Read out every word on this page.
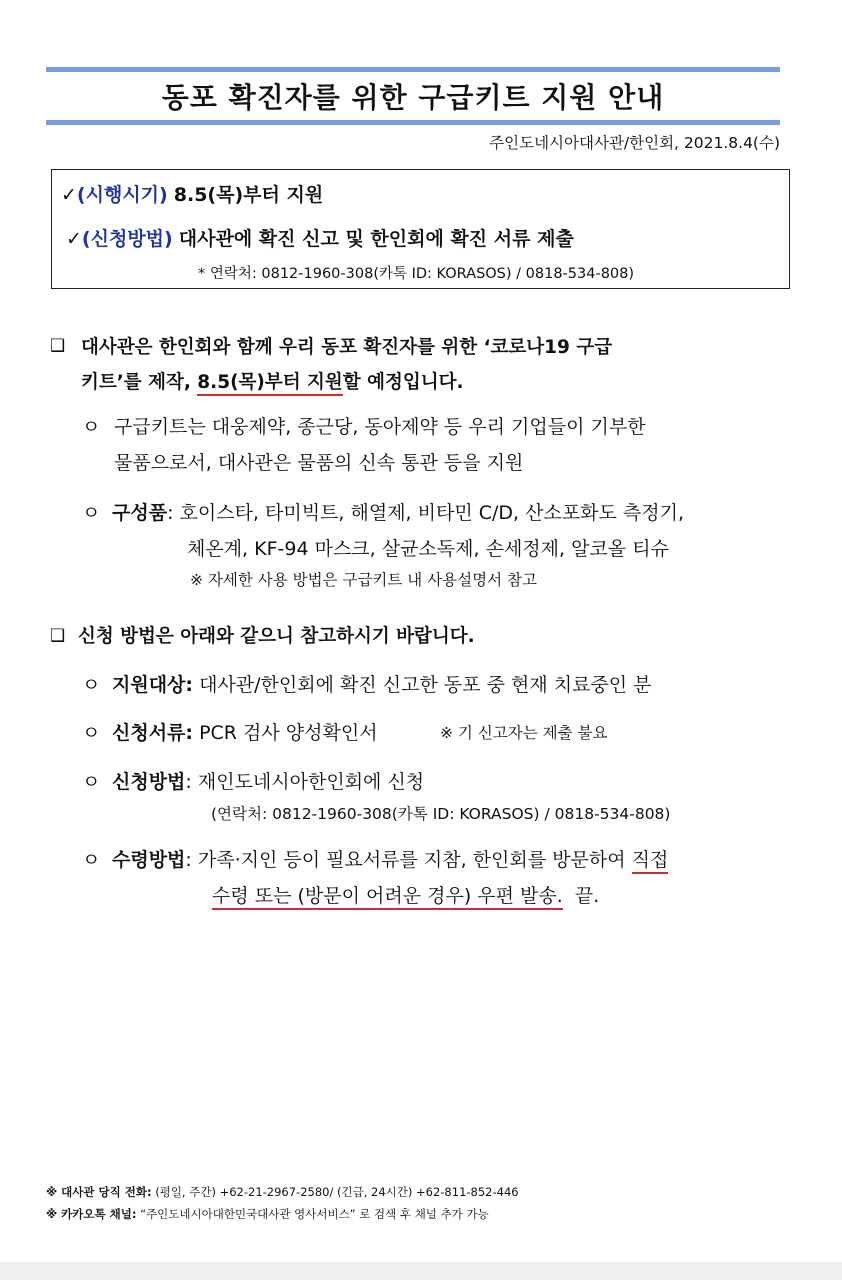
동포 확진자를 위한 구급키트 지원 안내
주인도네시아대사관/한인회, 2021.8.4(수)
✓(시행시기) 8.5(목)부터 지원
✓(신청방법) 대사관에 확진 신고 및 한인회에 확진 서류 제출
* 연락처: 0812-1960-308(카톡 ID: KORASOS) / 0818-534-808)
❑ 대사관은 한인회와 함께 우리 동포 확진자를 위한 ‘코로나19 구급
키트’를 제작, 8.5(목)부터 지원할 예정입니다.
ㅇ 구급키트는 대웅제약, 종근당, 동아제약 등 우리 기업들이 기부한
물품으로서, 대사관은 물품의 신속 통관 등을 지원
ㅇ 구성품: 호이스타, 타미빅트, 해열제, 비타민 C/D, 산소포화도 측정기,
체온계, KF-94 마스크, 살균소독제, 손세정제, 알코올 티슈
※ 자세한 사용 방법은 구급키트 내 사용설명서 참고
❑ 신청 방법은 아래와 같으니 참고하시기 바랍니다.
ㅇ 지원대상: 대사관/한인회에 확진 신고한 동포 중 현재 치료중인 분
ㅇ 신청서류: PCR 검사 양성확인서	※ 기 신고자는 제출 불요
ㅇ 신청방법: 재인도네시아한인회에 신청
(연락처: 0812-1960-308(카톡 ID: KORASOS) / 0818-534-808)
ㅇ 수령방법: 가족·지인 등이 필요서류를 지참, 한인회를 방문하여 직접
수령 또는 (방문이 어려운 경우) 우편 발송. 끝.
※ 대사관 당직 전화: (평일, 주간) +62-21-2967-2580/ (긴급, 24시간) +62-811-852-446
※ 카카오톡 채널: “주인도네시아대한민국대사관 영사서비스” 로 검색 후 채널 추가 가능
